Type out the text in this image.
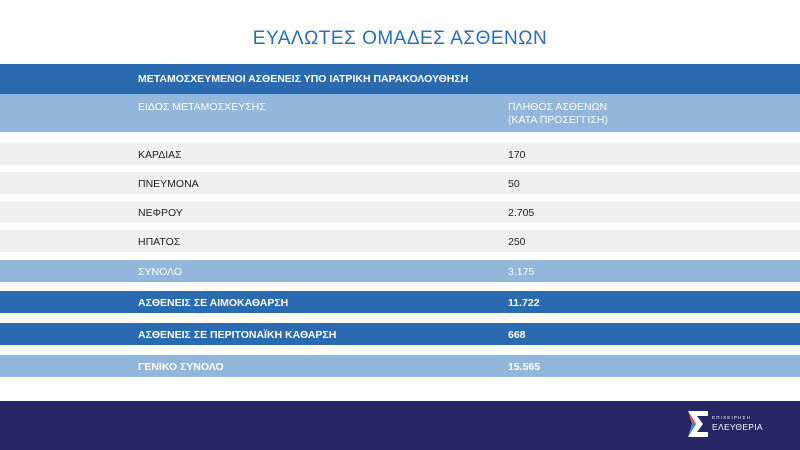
ΕΥΑΛΩΤΕΣ ΟΜΑΔΕΣ ΑΣΘΕΝΩΝ
ΜΕΤΑΜΟΣΧΕΥΜΕΝΟΙ ΑΣΘΕΝΕΙΣ ΥΠΟ ΙΑΤΡΙΚΗ ΠΑΡΑΚΟΛΟΥΘΗΣΗ
ΕΙΔΟΣ ΜΕΤΑΜΟΣΧΕΥΣΗΣ	ΠΛΗΘΟΣ ΑΣΘΕΝΩΝ
(ΚΑΤΑ ΠΡΟΣΕΓΓΙΣΗ)
ΚΑΡΔΙΑΣ	170
ΠΝΕΥΜΟΝΑ	50
ΝΕΦΡΟΥ	2.705
ΗΠΑΤΟΣ	250
ΣΥΝΟΛΟ	3.175
ΑΣΘΕΝΕΙΣ ΣΕ ΑΙΜΟΚΑΘΑΡΣΗ	11.722
ΑΣΘΕΝΕΙΣ ΣΕ ΠΕΡΙΤΟΝΑΪΚΗ ΚΑΘΑΡΣΗ	668
ΓΕΝΙΚΟ ΣΥΝΟΛΟ	15.565
ΕΠΙΧΕΙΡΗΣΗ
ΕΛΕΥΘΕΡΙΑ
